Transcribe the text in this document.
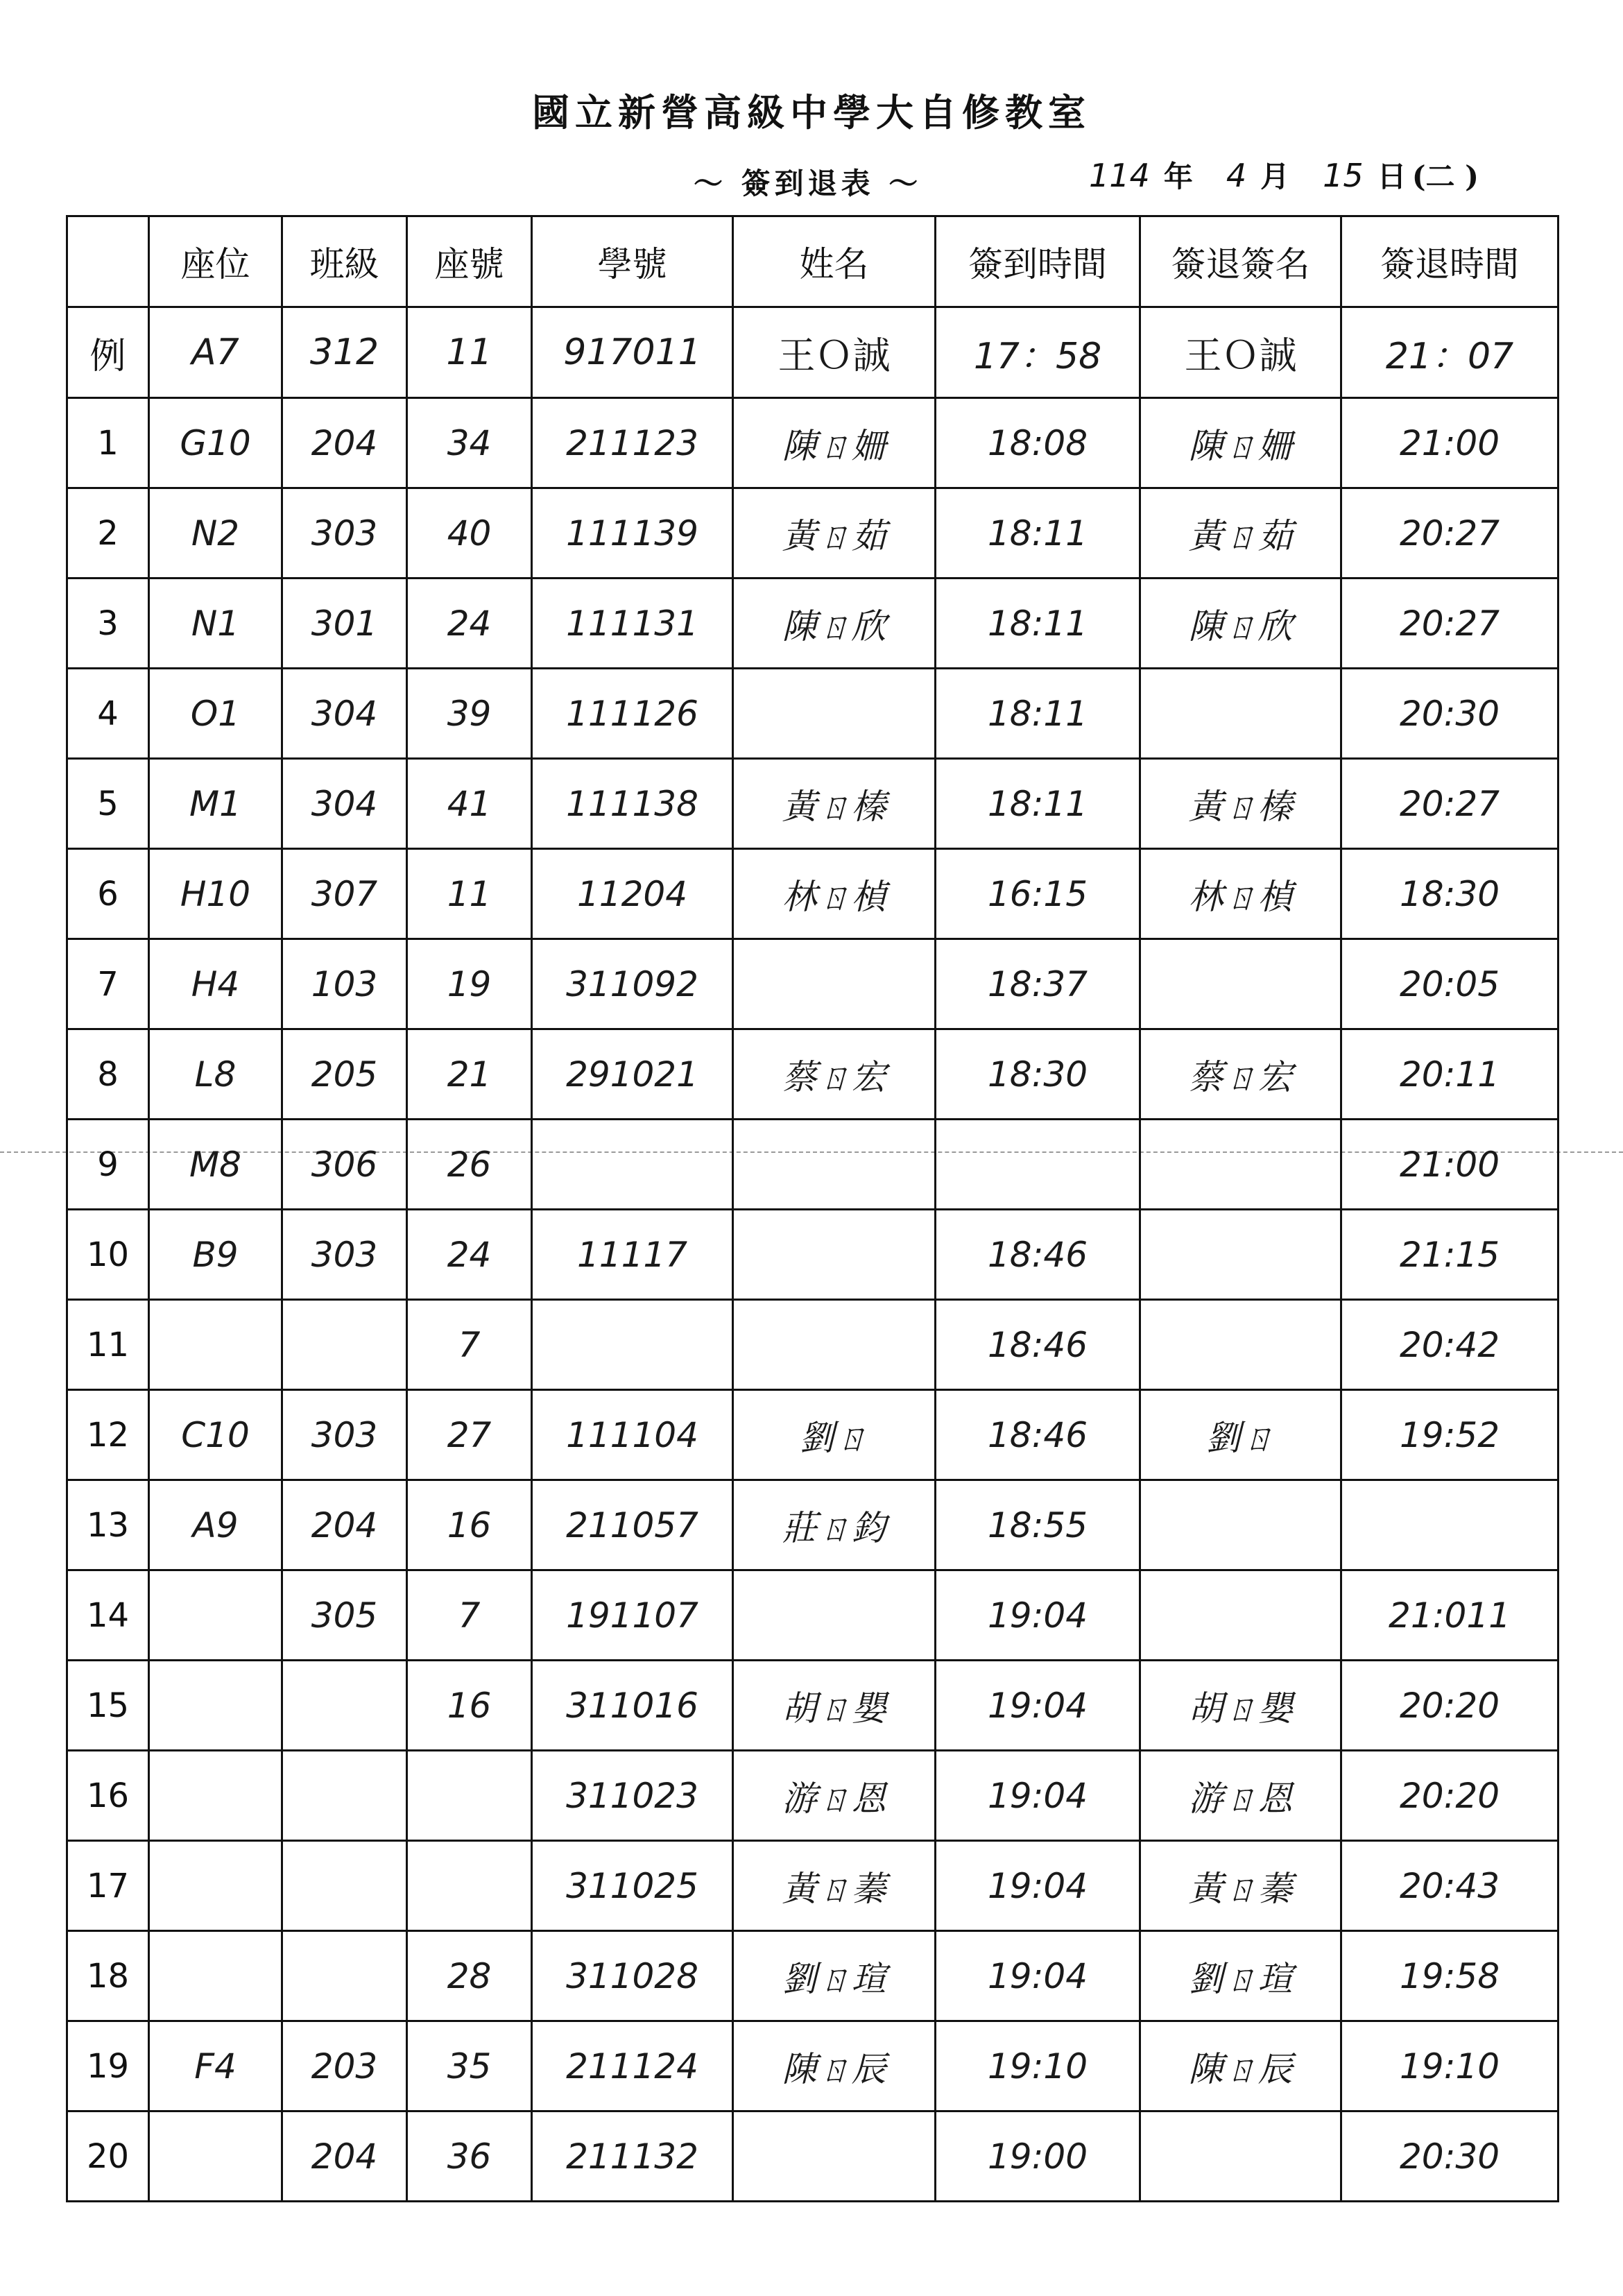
國立新營高級中學大自修教室
～ 簽到退表 ～	114 年 4 月 15 日 (二 )
	座位	班級	座號	學號	姓名	簽到時間	簽退簽名	簽退時間
例	A7	312	11	917011	王Ｏ誠	17：58	王Ｏ誠	21：07
1	G10	204	34	211123	陳ㄖ姍	18:08	陳ㄖ姍	21:00
2	N2	303	40	111139	黃ㄖ茹	18:11	黃ㄖ茹	20:27
3	N1	301	24	111131	陳ㄖ欣	18:11	陳ㄖ欣	20:27
4	O1	304	39	111126		18:11		20:30
5	M1	304	41	111138	黃ㄖ榛	18:11	黃ㄖ榛	20:27
6	H10	307	11	11204	林ㄖ楨	16:15	林ㄖ楨	18:30
7	H4	103	19	311092		18:37		20:05
8	L8	205	21	291021	蔡ㄖ宏	18:30	蔡ㄖ宏	20:11
9	M8	306	26					21:00
10	B9	303	24	11117		18:46		21:15
11			7			18:46		20:42
12	C10	303	27	111104	劉ㄖ	18:46	劉ㄖ	19:52
13	A9	204	16	211057	莊ㄖ鈞	18:55		
14		305	7	191107		19:04		21:011
15			16	311016	胡ㄖ嬰	19:04	胡ㄖ嬰	20:20
16				311023	游ㄖ恩	19:04	游ㄖ恩	20:20
17				311025	黃ㄖ蓁	19:04	黃ㄖ蓁	20:43
18			28	311028	劉ㄖ瑄	19:04	劉ㄖ瑄	19:58
19	F4	203	35	211124	陳ㄖ辰	19:10	陳ㄖ辰	19:10
20		204	36	211132		19:00		20:30
